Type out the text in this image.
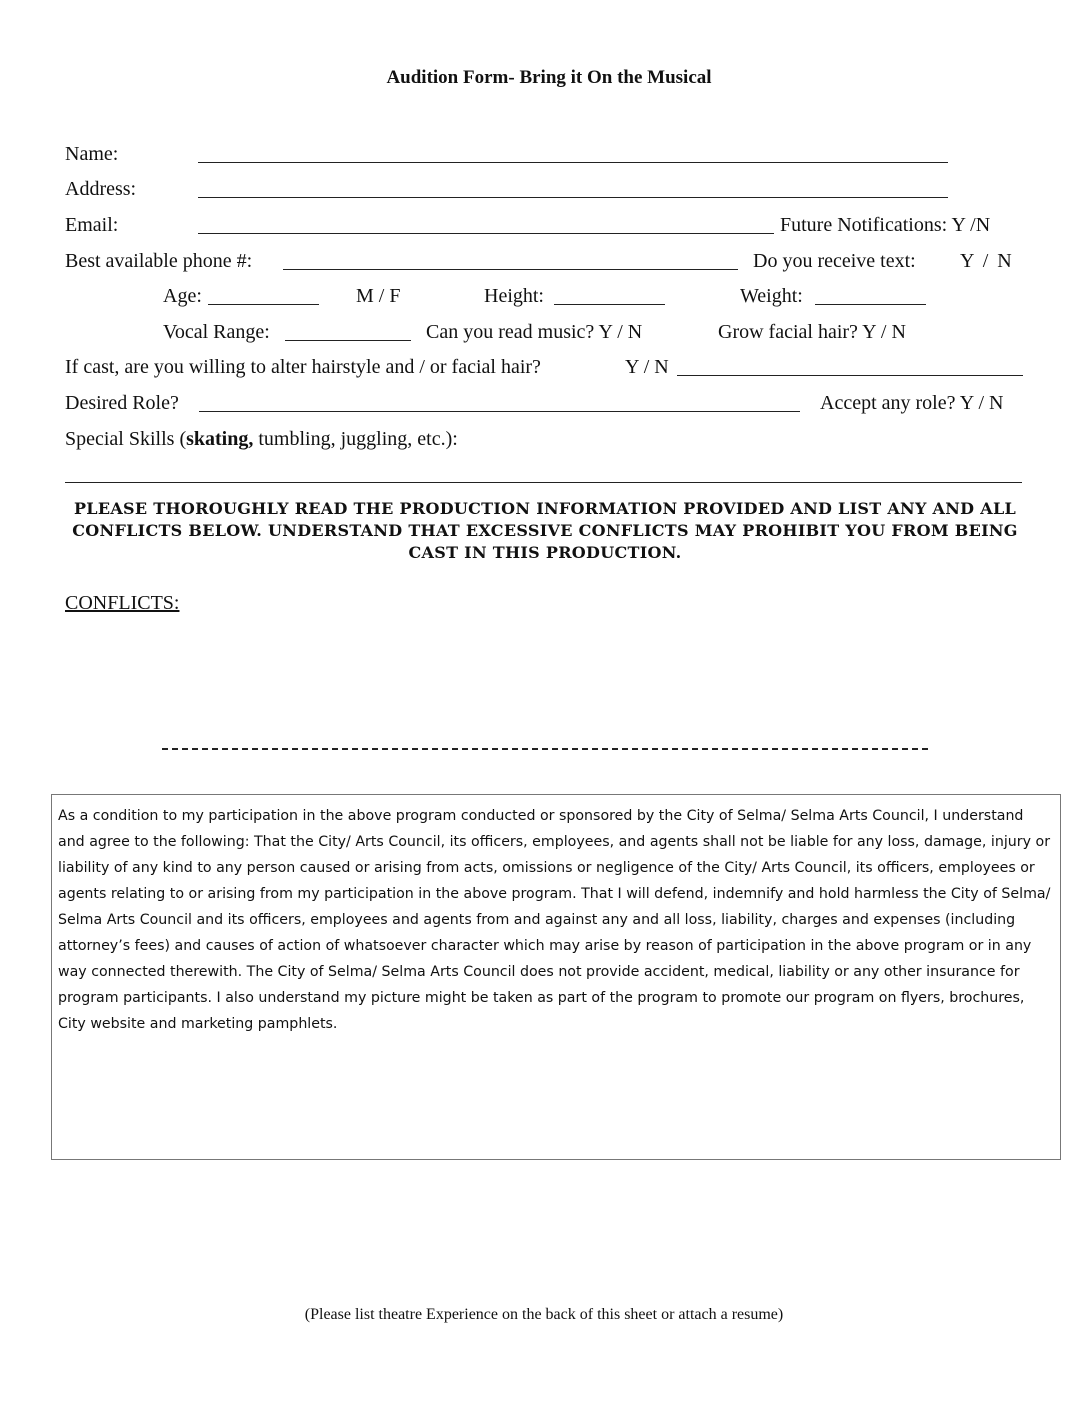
Audition Form- Bring it On the Musical
Name:
Address:
Email:	Future Notifications: Y /N
Best available phone #:	Do you receive text: Y / N
Age:	M / F	Height:	Weight:
Vocal Range:	Can you read music? Y / N	Grow facial hair? Y / N
If cast, are you willing to alter hairstyle and / or facial hair?	Y / N
Desired Role?	Accept any role? Y / N
Special Skills (skating, tumbling, juggling, etc.):
PLEASE THOROUGHLY READ THE PRODUCTION INFORMATION PROVIDED AND LIST ANY AND ALL CONFLICTS BELOW. UNDERSTAND THAT EXCESSIVE CONFLICTS MAY PROHIBIT YOU FROM BEING CAST IN THIS PRODUCTION.
CONFLICTS:
As a condition to my participation in the above program conducted or sponsored by the City of Selma/ Selma Arts Council, I understand and agree to the following: That the City/ Arts Council, its officers, employees, and agents shall not be liable for any loss, damage, injury or liability of any kind to any person caused or arising from acts, omissions or negligence of the City/ Arts Council, its officers, employees or agents relating to or arising from my participation in the above program. That I will defend, indemnify and hold harmless the City of Selma/ Selma Arts Council and its officers, employees and agents from and against any and all loss, liability, charges and expenses (including attorney’s fees) and causes of action of whatsoever character which may arise by reason of participation in the above program or in any way connected therewith. The City of Selma/ Selma Arts Council does not provide accident, medical, liability or any other insurance for program participants. I also understand my picture might be taken as part of the program to promote our program on flyers, brochures, City website and marketing pamphlets.
(Please list theatre Experience on the back of this sheet or attach a resume)
